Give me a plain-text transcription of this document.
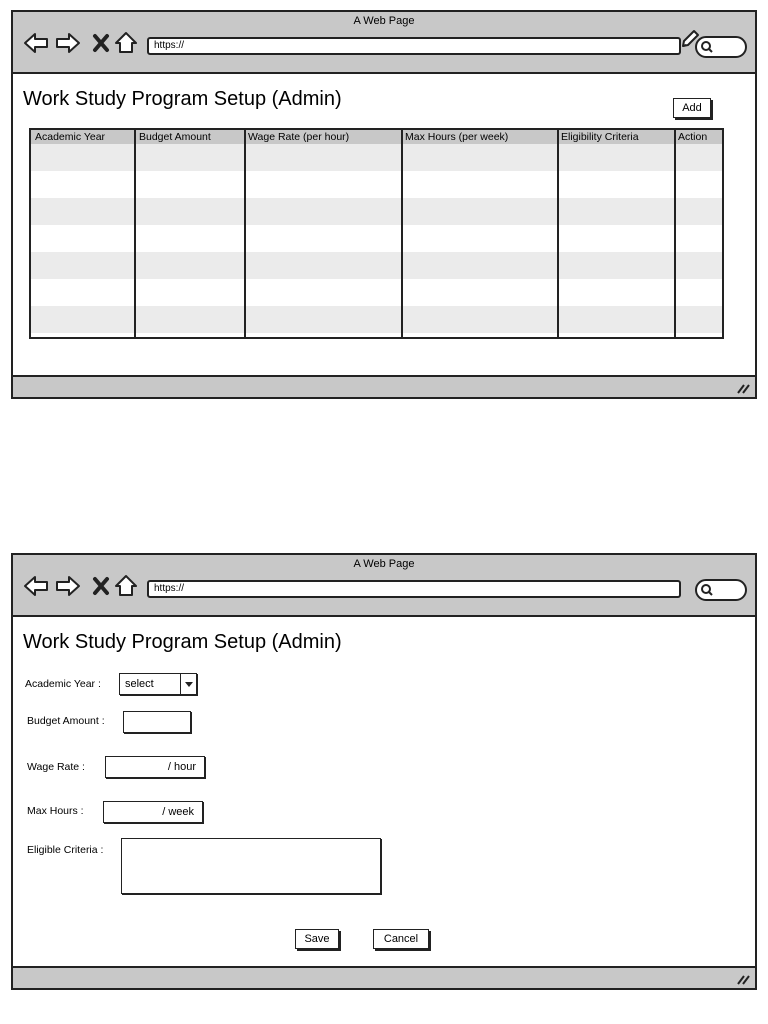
A Web Page
https://
Work Study Program Setup (Admin)	Add
Academic Year	Budget Amount	Wage Rate (per hour)	Max Hours (per week)	Eligibility Criteria	Action
A Web Page
https://
Work Study Program Setup (Admin)
Academic Year : select
Budget Amount :
Wage Rate :	/ hour
Max Hours :	/ week
Eligible Criteria :
Save	Cancel
